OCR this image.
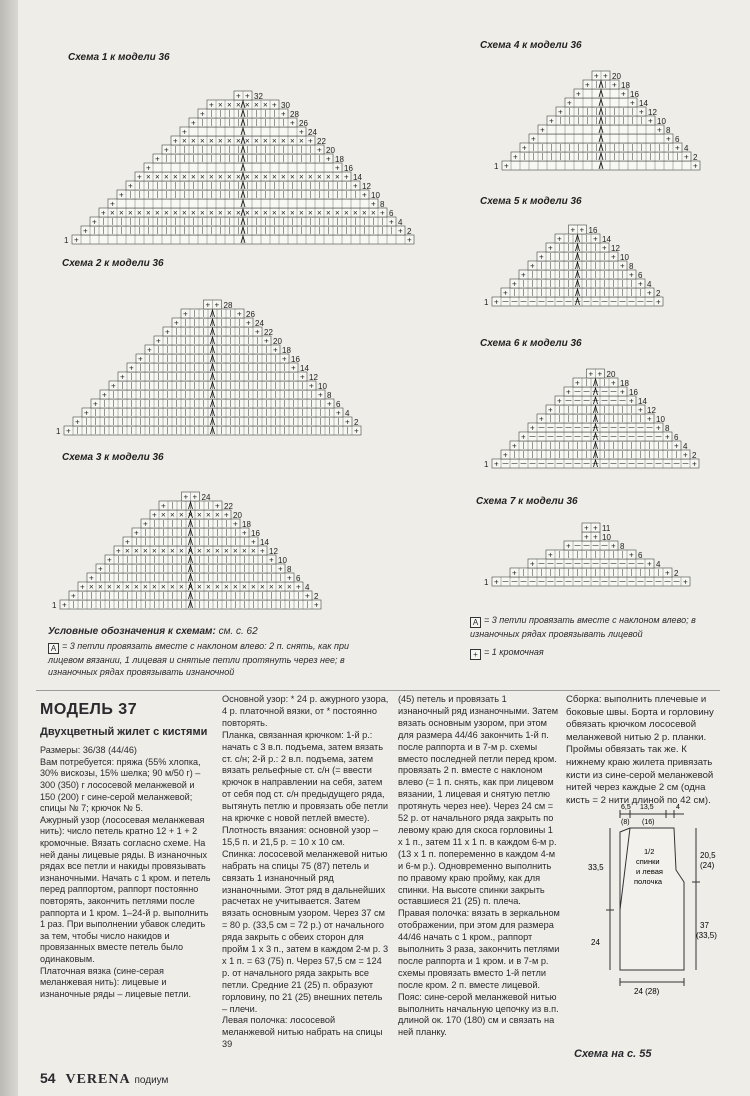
Схема 1 к модели 36
Схема 2 к модели 36
Схема 3 к модели 36
Схема 4 к модели 36
Схема 5 к модели 36
Схема 6 к модели 36
Схема 7 к модели 36
+	+
1
+	+ 2
+	+ 4
+ × × × × × × × × × × × × × × × × × × × × × × × × × × × × × × + 6
+	+ 8
+	+ 10
+	+ 12
+ × × × × × × × × × × × × × × × × × × × × × × + 14
+	+ 16
+	+ 18
+	+ 20
+ × × × × × × × × × × × × × × + 22
+	+ 24
+	+ 26
+	+ 28
+ × × × × × × + 30
+ + 32
+	+
1
+	+ 2
+	+ 4
+	+ 6
+	+ 8
+	+ 10
+	+ 12
+	+ 14
+	+ 16
+	+ 18
+	+ 20
+	+ 22
+	+ 24
+	+ 26
+ + 28
+	+
1
+	+ 2
+ × × × × × × × × × × × × × × × × × × × × × × × + 4
+	+ 6
+	+ 8
+	+ 10
+ × × × × × × × × × × × × × × × + 12
+	+ 14
+	+ 16
+	+ 18
+ × × × × × × × + 20
+	+ 22
+ + 24
+	+
1
+	+ 2
+	+ 4
+	+ 6
+	+ 8
+	+ 10
+	+ 12
+	+ 14
+	+ 16
+	+ 18
+ + 20
+	+
1
+	+ 2
+	+ 4
+	+ 6
+	+ 8
+	+ 10
+	+ 12
+	+ 14
+ + 16
+	+
1
+	+ 2
+	+ 4
+	+ 6
+	+ 8
+	+ 10
+	+ 12
+	+ 14
+	+ 16
+	+ 18
+ + 20
+	+
1
+	+ 2
+	+ 4
+	+ 6
+	+ 8
+ + 10
+ + 11
Условные обозначения к схемам: см. с. 62
A = 3 петли провязать вместе с наклоном влево: 2 п. снять, как при лицевом вязании, 1 лицевая и снятые петли протянуть через нее; в изнаночных рядах провязывать изнаночной
A = 3 петли провязать вместе с наклоном влево; в изнаночных рядах провязывать лицевой
+ = 1 кромочная
МОДЕЛЬ 37
Двухцветный жилет с кистями
Размеры: 36/38 (44/46)
Вам потребуется: пряжа (55% хлопка, 30% вискозы, 15% шелка; 90 м/50 г) – 300 (350) г лососевой меланжевой и 150 (200) г сине-серой меланжевой; спицы № 7; крючок № 5.
Ажурный узор (лососевая меланжевая нить): число петель кратно 12 + 1 + 2 кромочные. Вязать согласно схеме. На ней даны лицевые ряды. В изнаночных рядах все петли и накиды провязывать изнаночными. Начать с 1 кром. и петель перед раппортом, раппорт постоянно повторять, закончить петлями после раппорта и 1 кром. 1–24-й р. выполнить 1 раз. При выполнении убавок следить за тем, чтобы число накидов и провязанных вместе петель было одинаковым.
Платочная вязка (сине-серая меланжевая нить): лицевые и изнаночные ряды – лицевые петли.
Основной узор: * 24 р. ажурного узора, 4 р. платочной вязки, от * постоянно повторять.
Планка, связанная крючком: 1-й р.: начать с 3 в.п. подъема, затем вязать ст. с/н; 2-й р.: 2 в.п. подъема, затем вязать рельефные ст. с/н (= ввести крючок в направлении на себя, затем от себя под ст. с/н предыдущего ряда, вытянуть петлю и провязать обе петли на крючке с новой петлей вместе).
Плотность вязания: основной узор – 15,5 п. и 21,5 р. = 10 х 10 см.
Спинка: лососевой меланжевой нитью набрать на спицы 75 (87) петель и связать 1 изнаночный ряд изнаночными. Этот ряд в дальнейших расчетах не учитывается. Затем вязать основным узором. Через 37 см = 80 р. (33,5 см = 72 р.) от начального ряда закрыть с обеих сторон для пройм 1 х 3 п., затем в каждом 2-м р. 3 х 1 п. = 63 (75) п. Через 57,5 см = 124 р. от начального ряда закрыть все петли. Средние 21 (25) п. образуют горловину, по 21 (25) внешних петель – плечи.
Левая полочка: лососевой меланжевой нитью набрать на спицы 39
(45) петель и провязать 1 изнаночный ряд изнаночными. Затем вязать основным узором, при этом для размера 44/46 закончить 1-й п. после раппорта и в 7-м р. схемы вместо последней петли перед кром. провязать 2 п. вместе с наклоном влево (= 1 п. снять, как при лицевом вязании, 1 лицевая и снятую петлю протянуть через нее). Через 24 см = 52 р. от начального ряда закрыть по левому краю для скоса горловины 1 х 1 п., затем 11 х 1 п. в каждом 6-м р. (13 х 1 п. попеременно в каждом 4-м и 6-м р.). Одновременно выполнить по правому краю пройму, как для спинки. На высоте спинки закрыть оставшиеся 21 (25) п. плеча.
Правая полочка: вязать в зеркальном отображении, при этом для размера 44/46 начать с 1 кром., раппорт выполнить 3 раза, закончить петлями после раппорта и 1 кром. и в 7-м р. схемы провязать вместо 1-й петли после кром. 2 п. вместе лицевой.
Пояс: сине-серой меланжевой нитью выполнить начальную цепочку из в.п. длиной ок. 170 (180) см и связать на ней планку.
Сборка: выполнить плечевые и боковые швы. Борта и горловину обвязать крючком лососевой меланжевой нитью 2 р. планки. Проймы обвязать так же. К нижнему краю жилета привязать кисти из сине-серой меланжевой нитей через каждые 2 см (одна кисть = 2 нити длиной по 42 см).
6,5
(8)
13,5
(16)
4
33,5
24
20,5
(24)
37
(33,5)
1/2
спинки
и левая
полочка
24 (28)
Схема на с. 55
54 VERENA подиум
